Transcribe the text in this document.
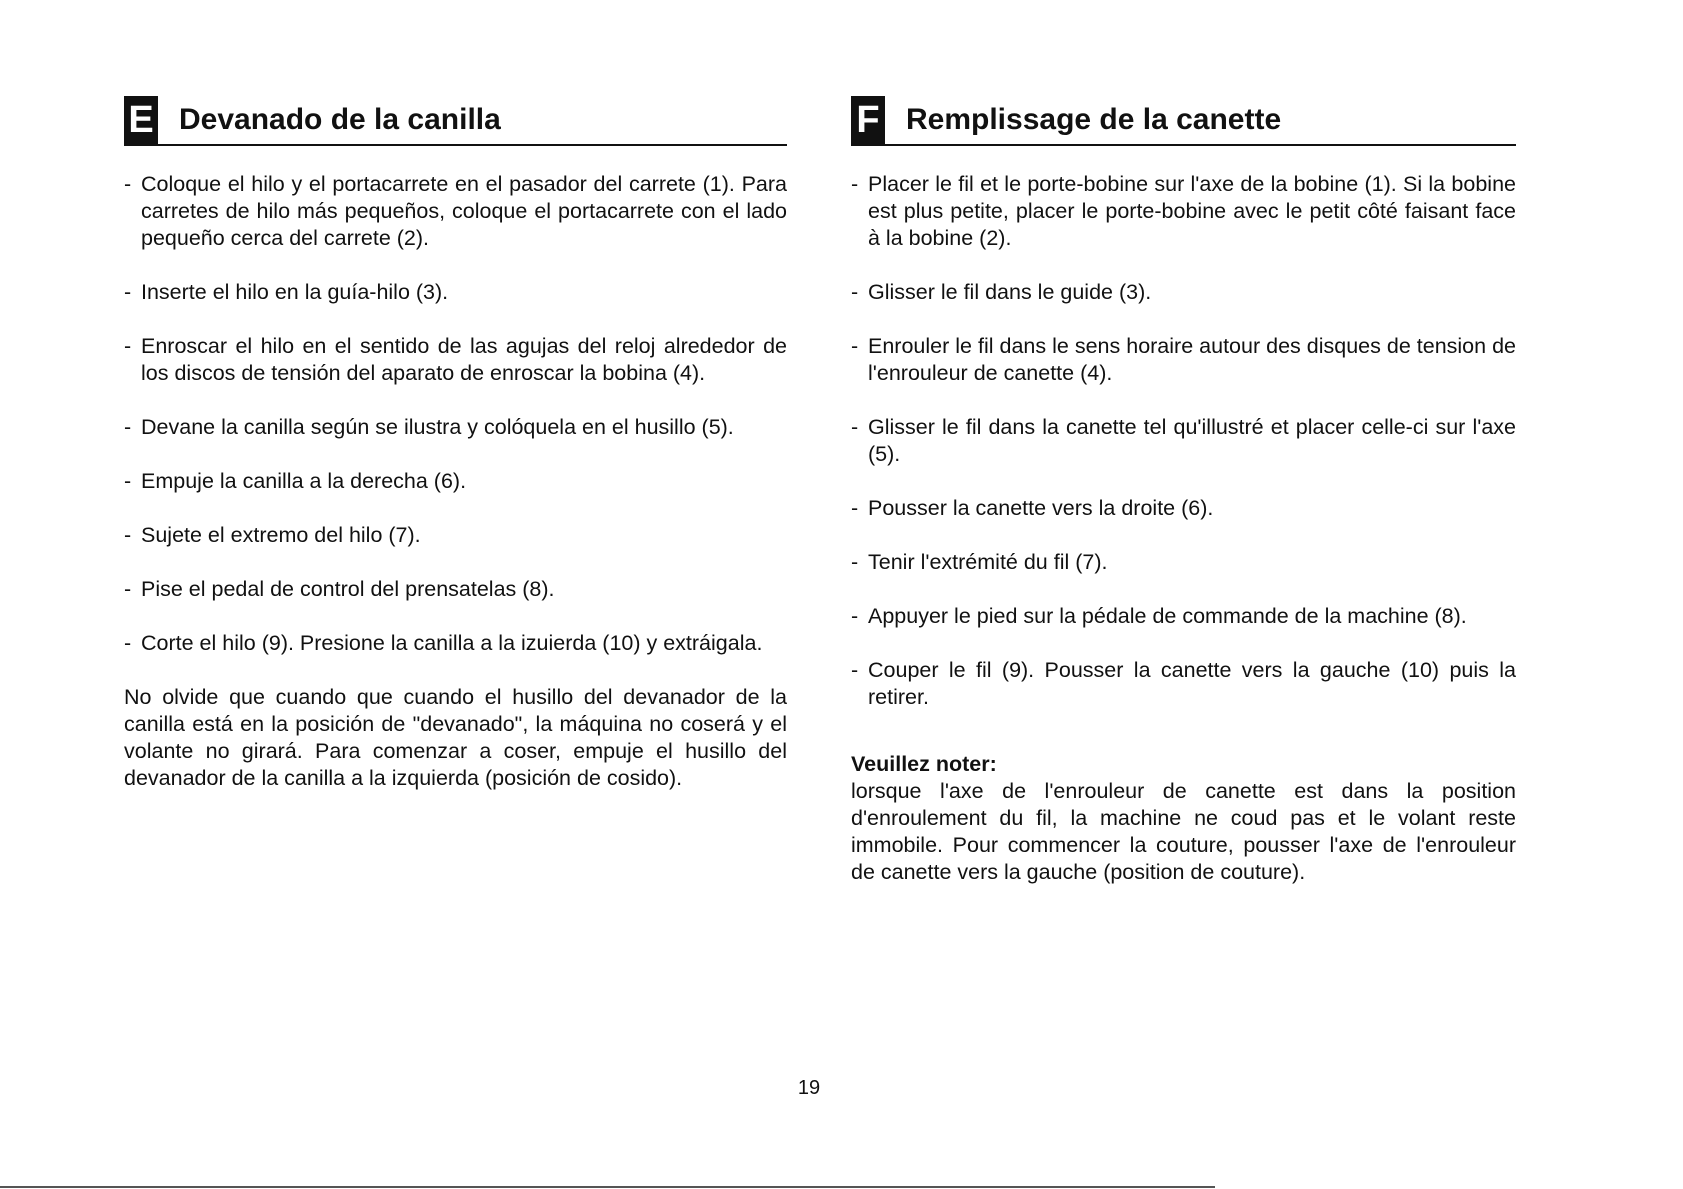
E Devanado de la canilla
- Coloque el hilo y el portacarrete en el pasador del carrete (1). Para carretes de hilo más pequeños, coloque el portacarrete con el lado pequeño cerca del carrete (2).
- Inserte el hilo en la guía-hilo (3).
- Enroscar el hilo en el sentido de las agujas del reloj alrededor de los discos de tensión del aparato de enroscar la bobina (4).
- Devane la canilla según se ilustra y colóquela en el husillo (5).
- Empuje la canilla a la derecha (6).
- Sujete el extremo del hilo (7).
- Pise el pedal de control del prensatelas (8).
- Corte el hilo (9). Presione la canilla a la izuierda (10) y extráigala.

No olvide que cuando que cuando el husillo del devanador de la canilla está en la posición de "devanado", la máquina no coserá y el volante no girará. Para comenzar a coser, empuje el husillo del devanador de la canilla a la izquierda (posición de cosido).

F Remplissage de la canette
- Placer le fil et le porte-bobine sur l'axe de la bobine (1). Si la bobine est plus petite, placer le porte-bobine avec le petit côté faisant face à la bobine (2).
- Glisser le fil dans le guide (3).
- Enrouler le fil dans le sens horaire autour des disques de tension de l'enrouleur de canette (4).
- Glisser le fil dans la canette tel qu'illustré et placer celle-ci sur l'axe (5).
- Pousser la canette vers la droite (6).
- Tenir l'extrémité du fil (7).
- Appuyer le pied sur la pédale de commande de la machine (8).
- Couper le fil (9). Pousser la canette vers la gauche (10) puis la retirer.

Veuillez noter:

lorsque l'axe de l'enrouleur de canette est dans la position d'enroulement du fil, la machine ne coud pas et le volant reste immobile. Pour commencer la couture, pousser l'axe de l'enrouleur de canette vers la gauche (position de couture).

19
